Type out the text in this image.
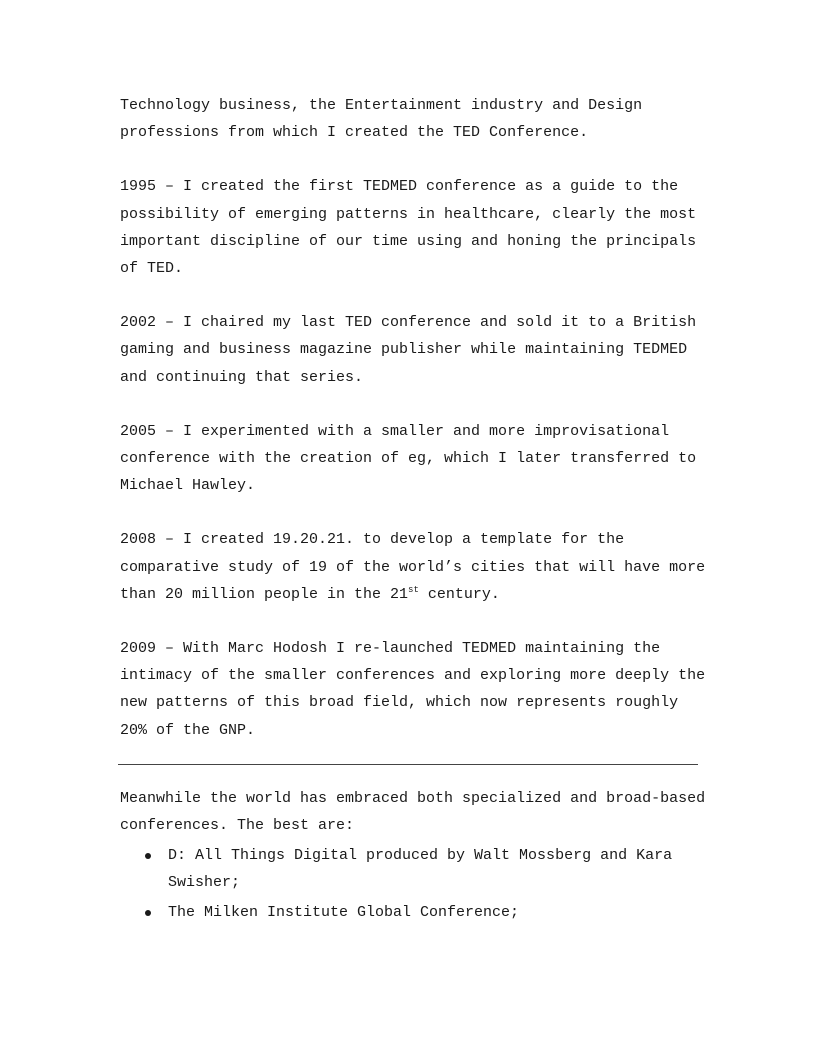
Technology business, the Entertainment industry and Design professions from which I created the TED Conference.

1995 – I created the first TEDMED conference as a guide to the possibility of emerging patterns in healthcare, clearly the most important discipline of our time using and honing the principals of TED.

2002 – I chaired my last TED conference and sold it to a British gaming and business magazine publisher while maintaining TEDMED and continuing that series.

2005 – I experimented with a smaller and more improvisational conference with the creation of eg, which I later transferred to Michael Hawley.

2008 – I created 19.20.21. to develop a template for the comparative study of 19 of the world’s cities that will have more than 20 million people in the 21st century.

2009 – With Marc Hodosh I re-launched TEDMED maintaining the intimacy of the smaller conferences and exploring more deeply the new patterns of this broad field, which now represents roughly 20% of the GNP.

Meanwhile the world has embraced both specialized and broad-based conferences. The best are:

D: All Things Digital produced by Walt Mossberg and Kara Swisher;
The Milken Institute Global Conference;
